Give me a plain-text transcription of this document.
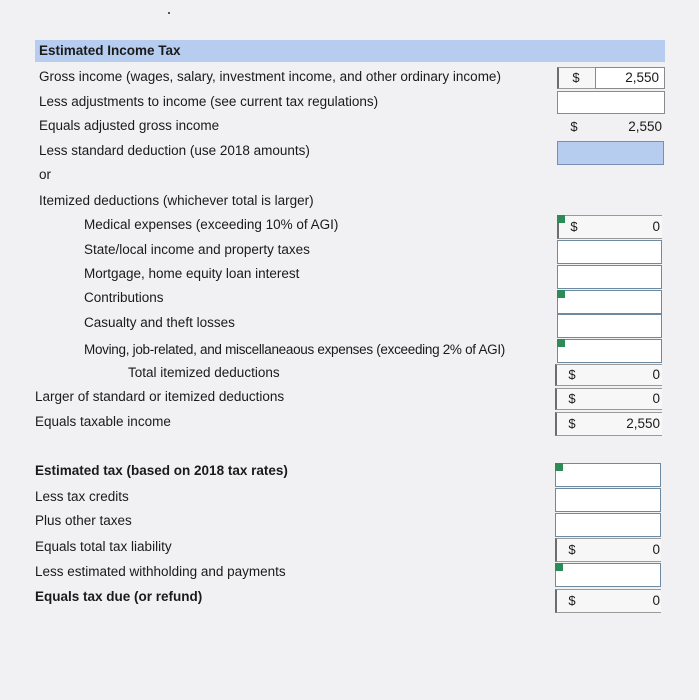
Estimated Income Tax
Gross income (wages, salary, investment income, and other ordinary income)	$	2,550
Less adjustments to income (see current tax regulations)
Equals adjusted gross income	$	2,550
Less standard deduction (use 2018 amounts)
or
Itemized deductions (whichever total is larger)
Medical expenses (exceeding 10% of AGI)	$	0
State/local income and property taxes
Mortgage, home equity loan interest
Contributions
Casualty and theft losses
Moving, job-related, and miscellaneaous expenses (exceeding 2% of AGI)
Total itemized deductions	$	0
Larger of standard or itemized deductions	$	0
Equals taxable income	$	2,550
Estimated tax (based on 2018 tax rates)
Less tax credits
Plus other taxes
Equals total tax liability	$	0
Less estimated withholding and payments
Equals tax due (or refund)	$	0
